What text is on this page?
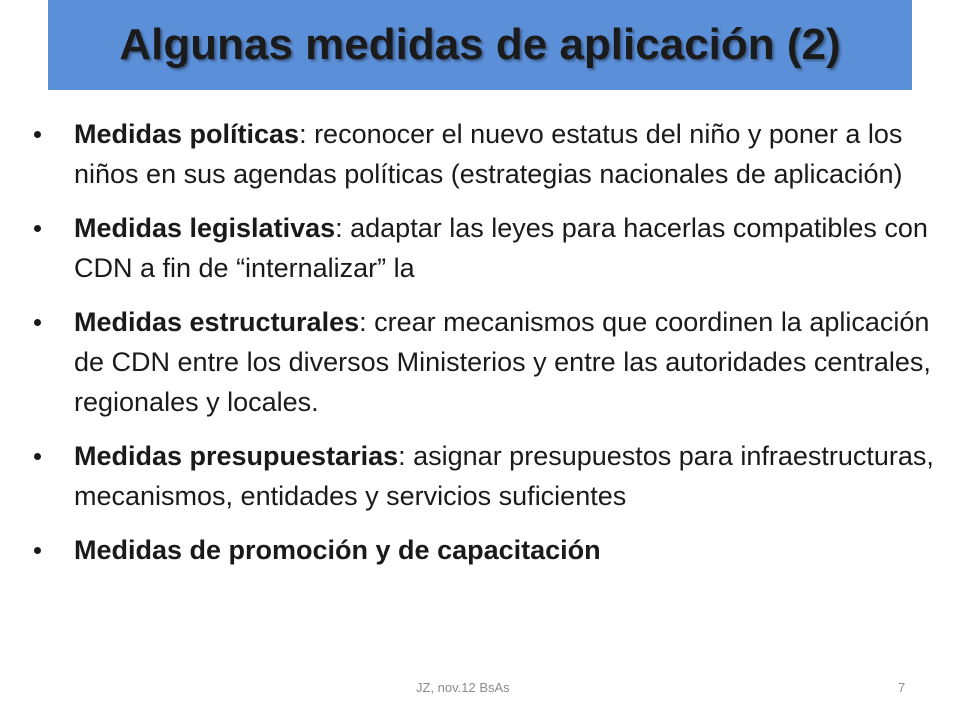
Algunas medidas de aplicación (2)
Medidas políticas: reconocer el nuevo estatus del niño y poner a los niños en sus agendas políticas (estrategias nacionales de aplicación)
Medidas legislativas: adaptar las leyes para hacerlas compatibles con CDN a fin de “internalizar” la
Medidas estructurales: crear mecanismos que coordinen la aplicación de CDN entre los diversos Ministerios y entre las autoridades centrales, regionales y locales.
Medidas presupuestarias: asignar presupuestos para infraestructuras, mecanismos, entidades y servicios suficientes
Medidas de promoción y de capacitación
JZ, nov.12 BsAs	7
